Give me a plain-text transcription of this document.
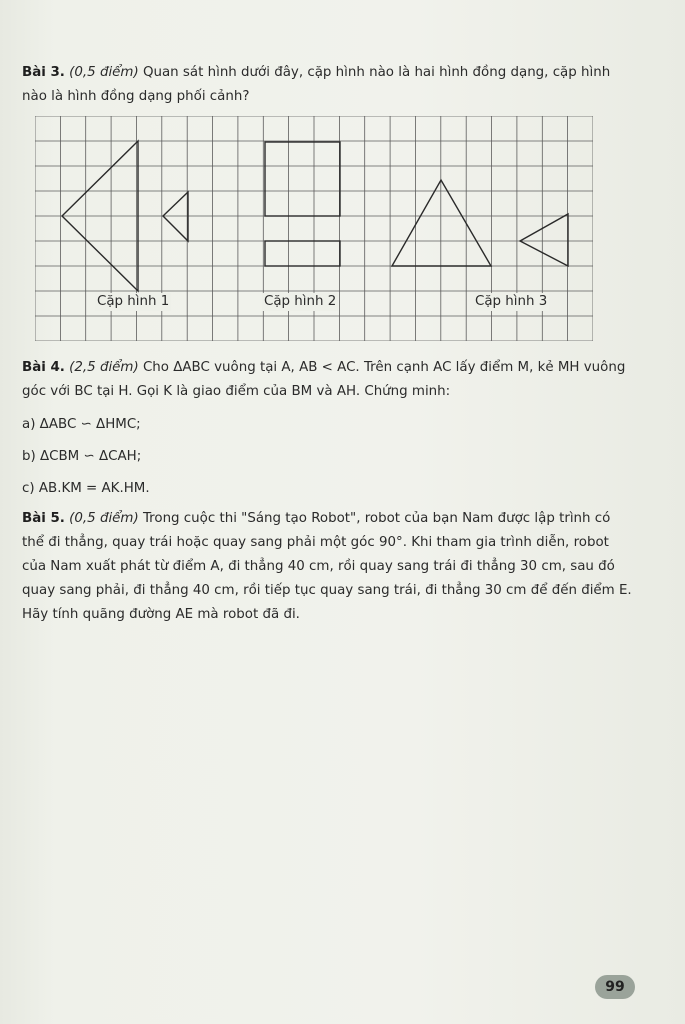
Bài 3. (0,5 điểm) Quan sát hình dưới đây, cặp hình nào là hai hình đồng dạng, cặp hình
nào là hình đồng dạng phối cảnh?
Cặp hình 1	Cặp hình 2	Cặp hình 3
Bài 4. (2,5 điểm) Cho ΔABC vuông tại A, AB < AC. Trên cạnh AC lấy điểm M, kẻ MH vuông
góc với BC tại H. Gọi K là giao điểm của BM và AH. Chứng minh:
a) ΔABC ∽ ΔHMC;
b) ΔCBM ∽ ΔCAH;
c) AB.KM = AK.HM.
Bài 5. (0,5 điểm) Trong cuộc thi "Sáng tạo Robot", robot của bạn Nam được lập trình có
thể đi thẳng, quay trái hoặc quay sang phải một góc 90°. Khi tham gia trình diễn, robot
của Nam xuất phát từ điểm A, đi thẳng 40 cm, rồi quay sang trái đi thẳng 30 cm, sau đó
quay sang phải, đi thẳng 40 cm, rồi tiếp tục quay sang trái, đi thẳng 30 cm để đến điểm E.
Hãy tính quãng đường AE mà robot đã đi.
99
